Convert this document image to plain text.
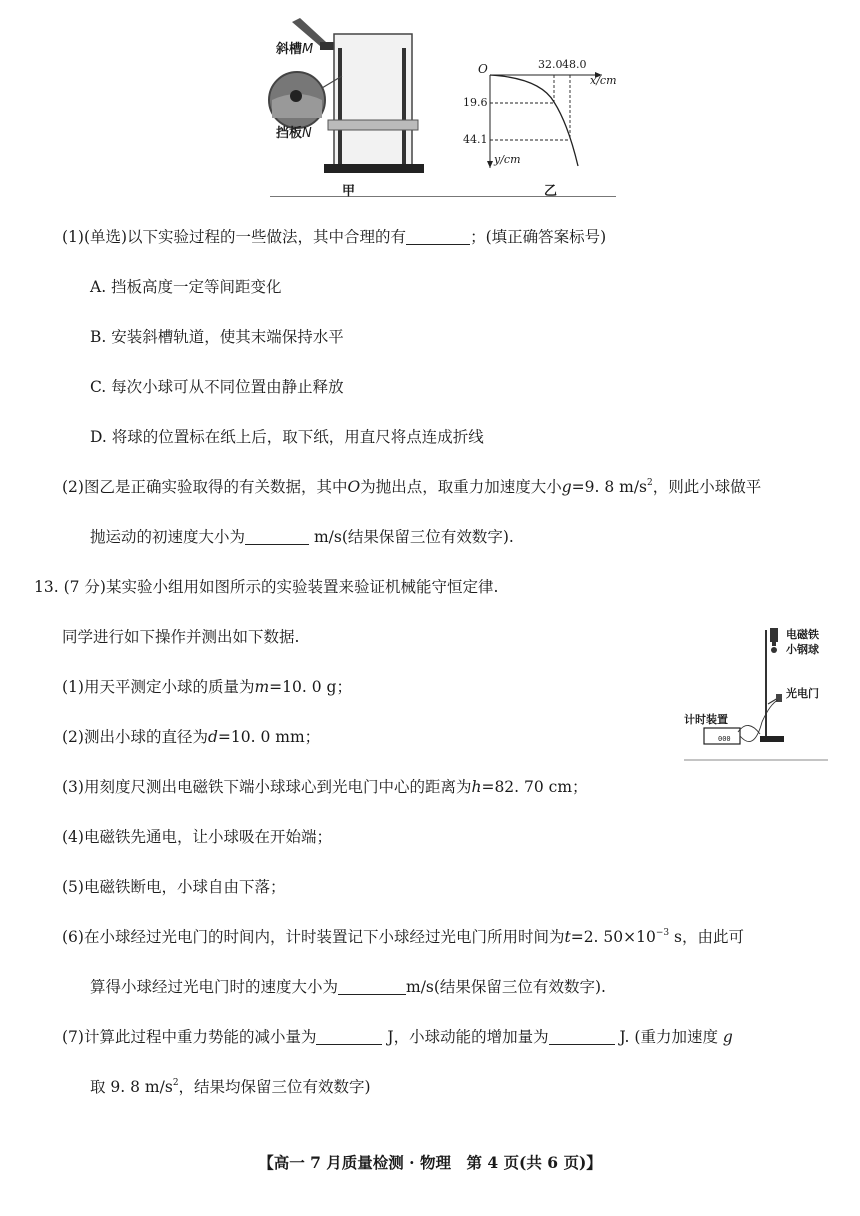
斜槽M
挡板N
O	32.0 48.0
x/cm
19.6
44.1
y/cm
甲	乙
(1)(单选)以下实验过程的一些做法，其中合理的有	；(填正确答案标号)
A. 挡板高度一定等间距变化
B. 安装斜槽轨道，使其末端保持水平
C. 每次小球可从不同位置由静止释放
D. 将球的位置标在纸上后，取下纸，用直尺将点连成折线
(2)图乙是正确实验取得的有关数据，其中O为抛出点，取重力加速度大小g=9. 8 $m/s^2$，则此小球做平
抛运动的初速度大小为	m/s(结果保留三位有效数字).
13. (7 分)某实验小组用如图所示的实验装置来验证机械能守恒定律.
同学进行如下操作并测出如下数据.
(1)用天平测定小球的质量为m=10. 0 g；
(2)测出小球的直径为d=10. 0 mm；
(3)用刻度尺测出电磁铁下端小球球心到光电门中心的距离为h=82. 70 cm；
(4)电磁铁先通电，让小球吸在开始端；
(5)电磁铁断电，小球自由下落；
(6)在小球经过光电门的时间内，计时装置记下小球经过光电门所用时间为t=2. $50\times 10^{-3}$ s，由此可
算得小球经过光电门时的速度大小为	m/s(结果保留三位有效数字).
(7)计算此过程中重力势能的减小量为	J，小球动能的增加量为	J. (重力加速度 g
取 9. 8 $m/s^2$，结果均保留三位有效数字)
电磁铁
小钢球
光电门
计时装置
000
【高一 7 月质量检测 · 物理　第 4 页(共 6 页)】
